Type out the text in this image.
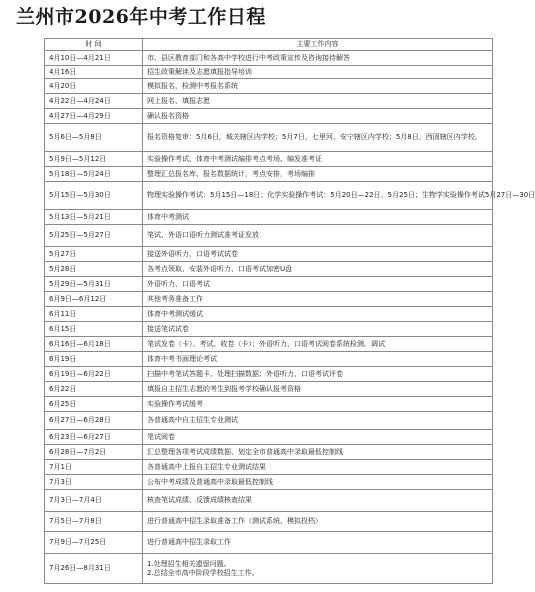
兰州市2026年中考工作日程
时 间	主要工作内容
4月10日—4月21日	市、县区教育部门和各高中学校进行中考政策宣传及咨询接待解答
4月16日	招生政策解读及志愿填报指导培训
4月20日	模拟报名，检测中考报名系统
4月22日—4月24日	网上报名、填报志愿
4月27日—4月29日	确认报名资格
5月6日—5月8日	报名资格复审：5月6日，城关辖区内学校；5月7日，七里河、安宁辖区内学校；5月8日，西固辖区内学校。
5月9日—5月12日	实验操作考试、体育中考测试编排考点考场、编发准考证
5月18日—5月24日	整理汇总报名库、报名数据统计，考点安排，考场编排
5月15日—5月30日	物理实验操作考试：5月15日—18日；化学实验操作考试：5月20日—22日、5月25日；生物学实验操作考试5月27日—30日
5月13日—5月21日	体育中考测试
5月25日—5月27日	笔试、外语口语听力测试准考证发放
5月27日	接送外语听力、口语考试试卷
5月28日	各考点领取、安装外语听力、口语考试加密U盘
5月29日—5月31日	外语听力、口语考试
6月9日—6月12日	其他考务准备工作
6月11日	体育中考测试缓试
6月15日	接送笔试试卷
6月16日—6月18日	笔试发卷（卡）、考试、收卷（卡）；外语听力、口语考试阅卷系统检测、调试
6月19日	体育中考书面理论考试
6月19日—6月22日	扫描中考笔试答题卡、处理扫描数据；外语听力、口语考试评卷
6月22日	填报自主招生志愿的考生到报考学校确认报考资格
6月25日	实验操作考试缓考
6月27日—6月28日	各普通高中自主招生专业测试
6月23日—6月27日	笔试阅卷
6月28日—7月2日	汇总整理各项考试成绩数据、划定全市普通高中录取最低控制线
7月1日	各普通高中上报自主招生专业测试结果
7月3日	公布中考成绩及普通高中录取最低控制线
7月3日—7月4日	核查笔试成绩、反馈成绩核查结果
7月5日—7月8日	进行普通高中招生录取准备工作（测试系统、模拟投档）
7月9日—7月25日	进行普通高中招生录取工作
7月26日—8月31日	1.处理招生相关遗留问题。
2.总结全市高中阶段学校招生工作。
